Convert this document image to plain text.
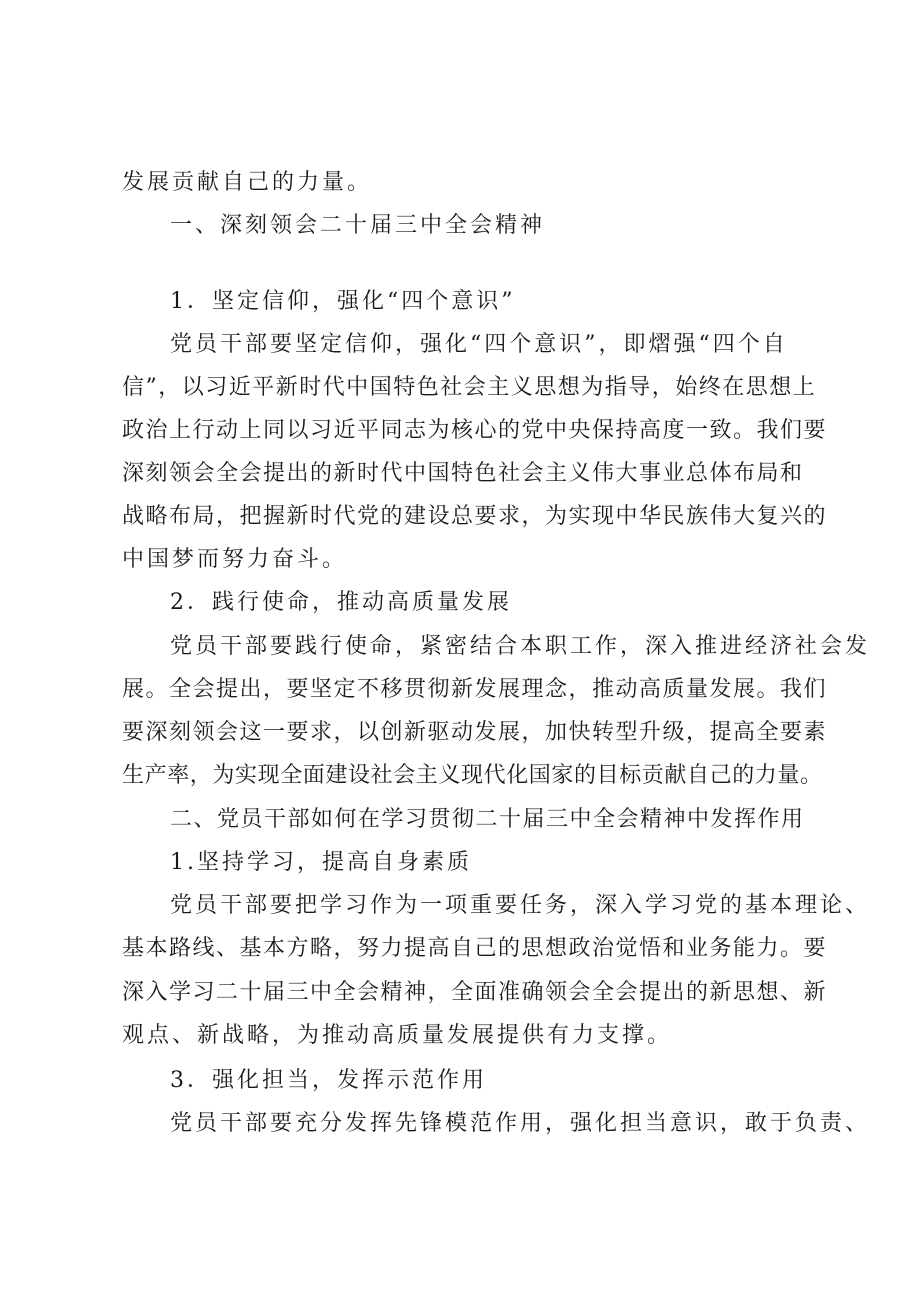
发展贡献自己的力量。
一、深刻领会二十届三中全会精神
1．坚定信仰，强化“四个意识”
党员干部要坚定信仰，强化“四个意识”，即熠强“四个自
信”，以习近平新时代中国特色社会主义思想为指导，始终在思想上
政治上行动上同以习近平同志为核心的党中央保持高度一致。我们要
深刻领会全会提出的新时代中国特色社会主义伟大事业总体布局和
战略布局，把握新时代党的建设总要求，为实现中华民族伟大复兴的
中国梦而努力奋斗。
2．践行使命，推动高质量发展
党员干部要践行使命，紧密结合本职工作，深入推进经济社会发
展。全会提出，要坚定不移贯彻新发展理念，推动高质量发展。我们
要深刻领会这一要求，以创新驱动发展，加快转型升级，提高全要素
生产率，为实现全面建设社会主义现代化国家的目标贡献自己的力量。
二、党员干部如何在学习贯彻二十届三中全会精神中发挥作用
1.坚持学习，提高自身素质
党员干部要把学习作为一项重要任务，深入学习党的基本理论、
基本路线、基本方略，努力提高自己的思想政治觉悟和业务能力。要
深入学习二十届三中全会精神，全面准确领会全会提出的新思想、新
观点、新战略，为推动高质量发展提供有力支撑。
3．强化担当，发挥示范作用
党员干部要充分发挥先锋模范作用，强化担当意识，敢于负责、
